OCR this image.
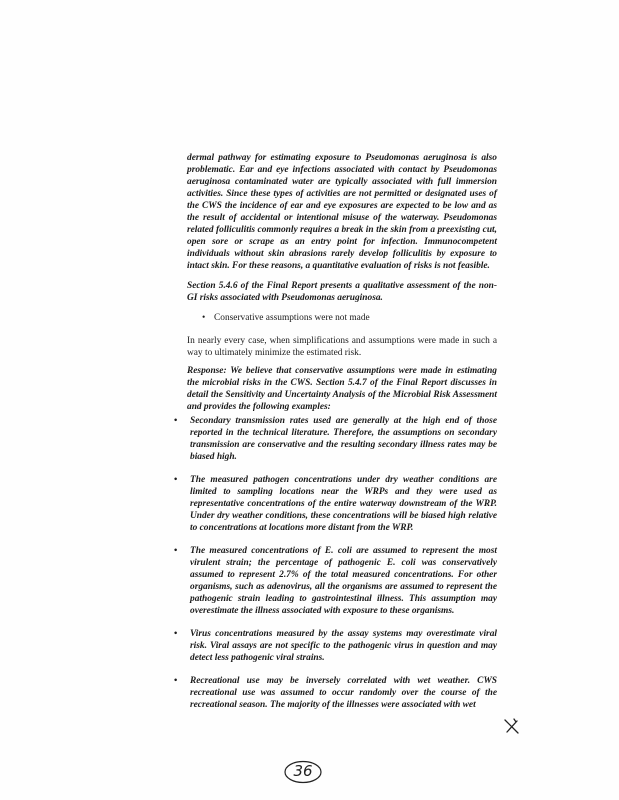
dermal pathway for estimating exposure to Pseudomonas aeruginosa is also problematic. Ear and eye infections associated with contact by Pseudomonas aeruginosa contaminated water are typically associated with full immersion activities. Since these types of activities are not permitted or designated uses of the CWS the incidence of ear and eye exposures are expected to be low and as the result of accidental or intentional misuse of the waterway. Pseudomonas related folliculitis commonly requires a break in the skin from a preexisting cut, open sore or scrape as an entry point for infection. Immunocompetent individuals without skin abrasions rarely develop folliculitis by exposure to intact skin. For these reasons, a quantitative evaluation of risks is not feasible.
Section 5.4.6 of the Final Report presents a qualitative assessment of the non-GI risks associated with Pseudomonas aeruginosa.
• Conservative assumptions were not made
In nearly every case, when simplifications and assumptions were made in such a way to ultimately minimize the estimated risk.
Response: We believe that conservative assumptions were made in estimating the microbial risks in the CWS. Section 5.4.7 of the Final Report discusses in detail the Sensitivity and Uncertainty Analysis of the Microbial Risk Assessment and provides the following examples:
• Secondary transmission rates used are generally at the high end of those reported in the technical literature. Therefore, the assumptions on secondary transmission are conservative and the resulting secondary illness rates may be biased high.
• The measured pathogen concentrations under dry weather conditions are limited to sampling locations near the WRPs and they were used as representative concentrations of the entire waterway downstream of the WRP. Under dry weather conditions, these concentrations will be biased high relative to concentrations at locations more distant from the WRP.
• The measured concentrations of E. coli are assumed to represent the most virulent strain; the percentage of pathogenic E. coli was conservatively assumed to represent 2.7% of the total measured concentrations. For other organisms, such as adenovirus, all the organisms are assumed to represent the pathogenic strain leading to gastrointestinal illness. This assumption may overestimate the illness associated with exposure to these organisms.
• Virus concentrations measured by the assay systems may overestimate viral risk. Viral assays are not specific to the pathogenic virus in question and may detect less pathogenic viral strains.
• Recreational use may be inversely correlated with wet weather. CWS recreational use was assumed to occur randomly over the course of the recreational season. The majority of the illnesses were associated with wet
36
